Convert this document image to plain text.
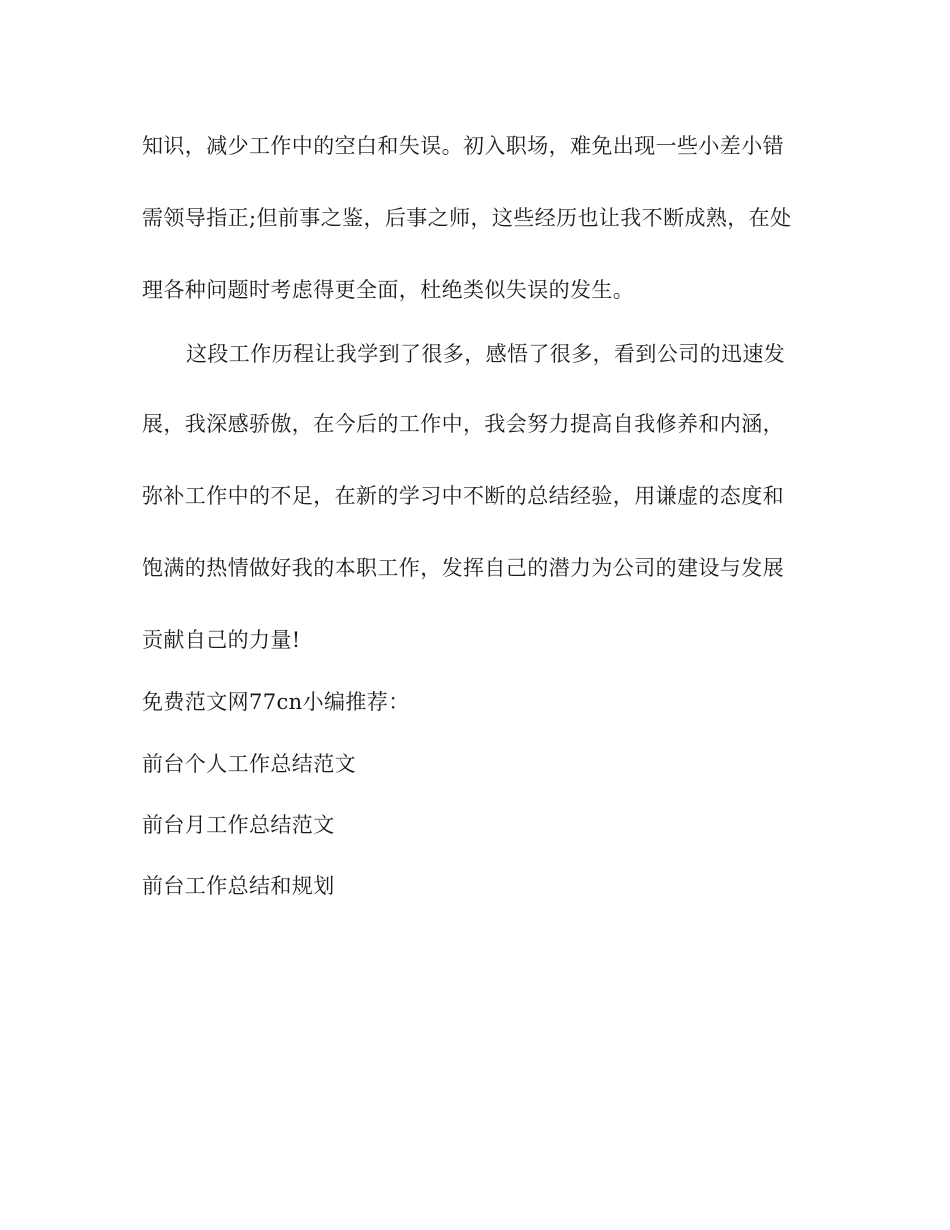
知识，减少工作中的空白和失误。初入职场，难免出现一些小差小错
需领导指正;但前事之鉴，后事之师，这些经历也让我不断成熟，在处
理各种问题时考虑得更全面，杜绝类似失误的发生。
这段工作历程让我学到了很多，感悟了很多，看到公司的迅速发
展，我深感骄傲，在今后的工作中，我会努力提高自我修养和内涵，
弥补工作中的不足，在新的学习中不断的总结经验，用谦虚的态度和
饱满的热情做好我的本职工作，发挥自己的潜力为公司的建设与发展
贡献自己的力量!
免费范文网77cn小编推荐：
前台个人工作总结范文
前台月工作总结范文
前台工作总结和规划
